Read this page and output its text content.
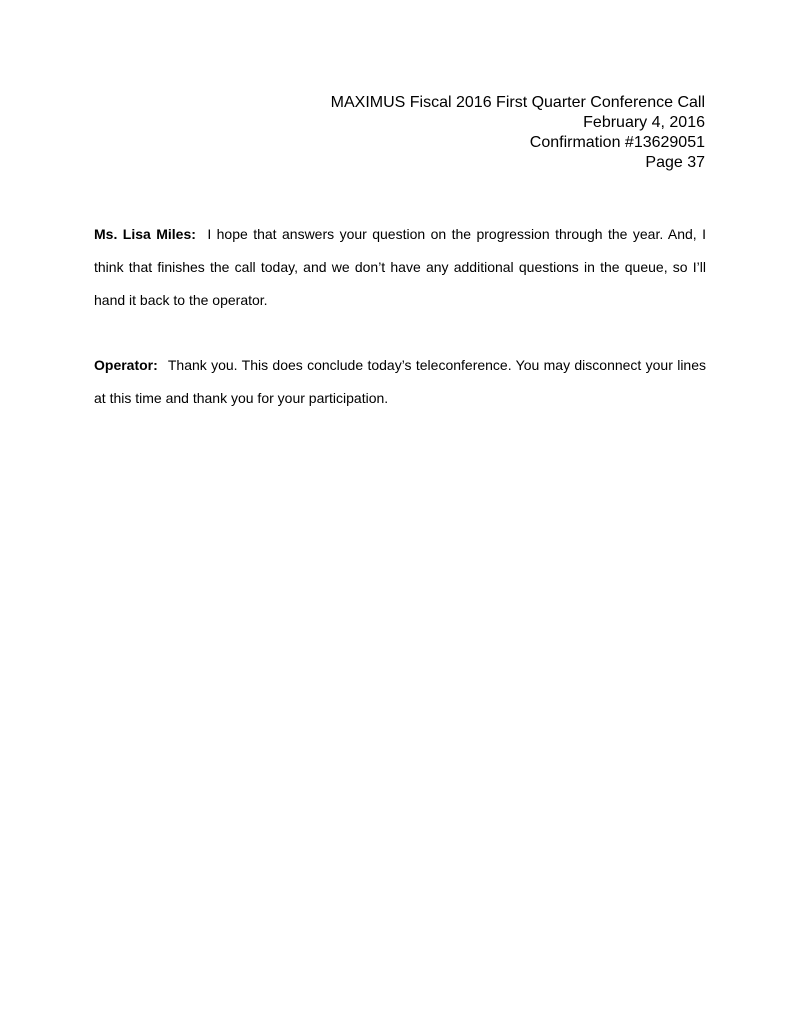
MAXIMUS Fiscal 2016 First Quarter Conference Call
February 4, 2016
Confirmation #13629051
Page 37

Ms. Lisa Miles: I hope that answers your question on the progression through the year. And, I think that finishes the call today, and we don’t have any additional questions in the queue, so I’ll hand it back to the operator.

Operator: Thank you. This does conclude today’s teleconference. You may disconnect your lines at this time and thank you for your participation.
